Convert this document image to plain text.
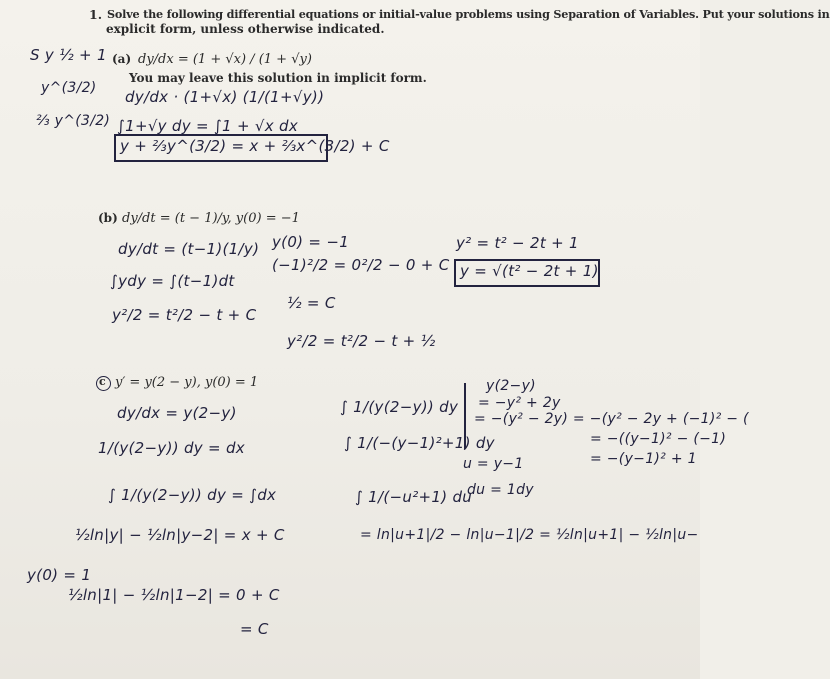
1. Solve the following differential equations or initial-value problems using Separation of Variables. Put your solutions in
explicit form, unless otherwise indicated.
(a) dy/dx = (1 + √x) / (1 + √y)
You may leave this solution in implicit form.
S y ½ + 1
y^(3/2)
⅔ y^(3/2)
dy/dx · (1+√x) (1/(1+√y))
∫1+√y dy = ∫1 + √x dx
y + ⅔y^(3/2) = x + ⅔x^(3/2) + C
(b) dy/dt = (t − 1)/y, y(0) = −1
dy/dt = (t−1)(1/y)
∫ydy = ∫(t−1)dt
y²/2 = t²/2 − t + C
y(0) = −1
(−1)²/2 = 0²/2 − 0 + C
½ = C
y²/2 = t²/2 − t + ½
y² = t² − 2t + 1
y = √(t² − 2t + 1)
c y′ = y(2 − y), y(0) = 1
dy/dx = y(2−y)
1/(y(2−y)) dy = dx
∫ 1/(y(2−y)) dy = ∫dx
½ln|y| − ½ln|y−2| = x + C
y(0) = 1
½ln|1| − ½ln|1−2| = 0 + C
= C
∫ 1/(y(2−y)) dy
∫ 1/(−(y−1)²+1) dy
u = y−1
du = 1dy
∫ 1/(−u²+1) du
= ln|u+1|/2 − ln|u−1|/2 = ½ln|u+1| − ½ln|u−
y(2−y)
= −y² + 2y
= −(y² − 2y) = −(y² − 2y + (−1)² − (
= −((y−1)² − (−1)
= −(y−1)² + 1
